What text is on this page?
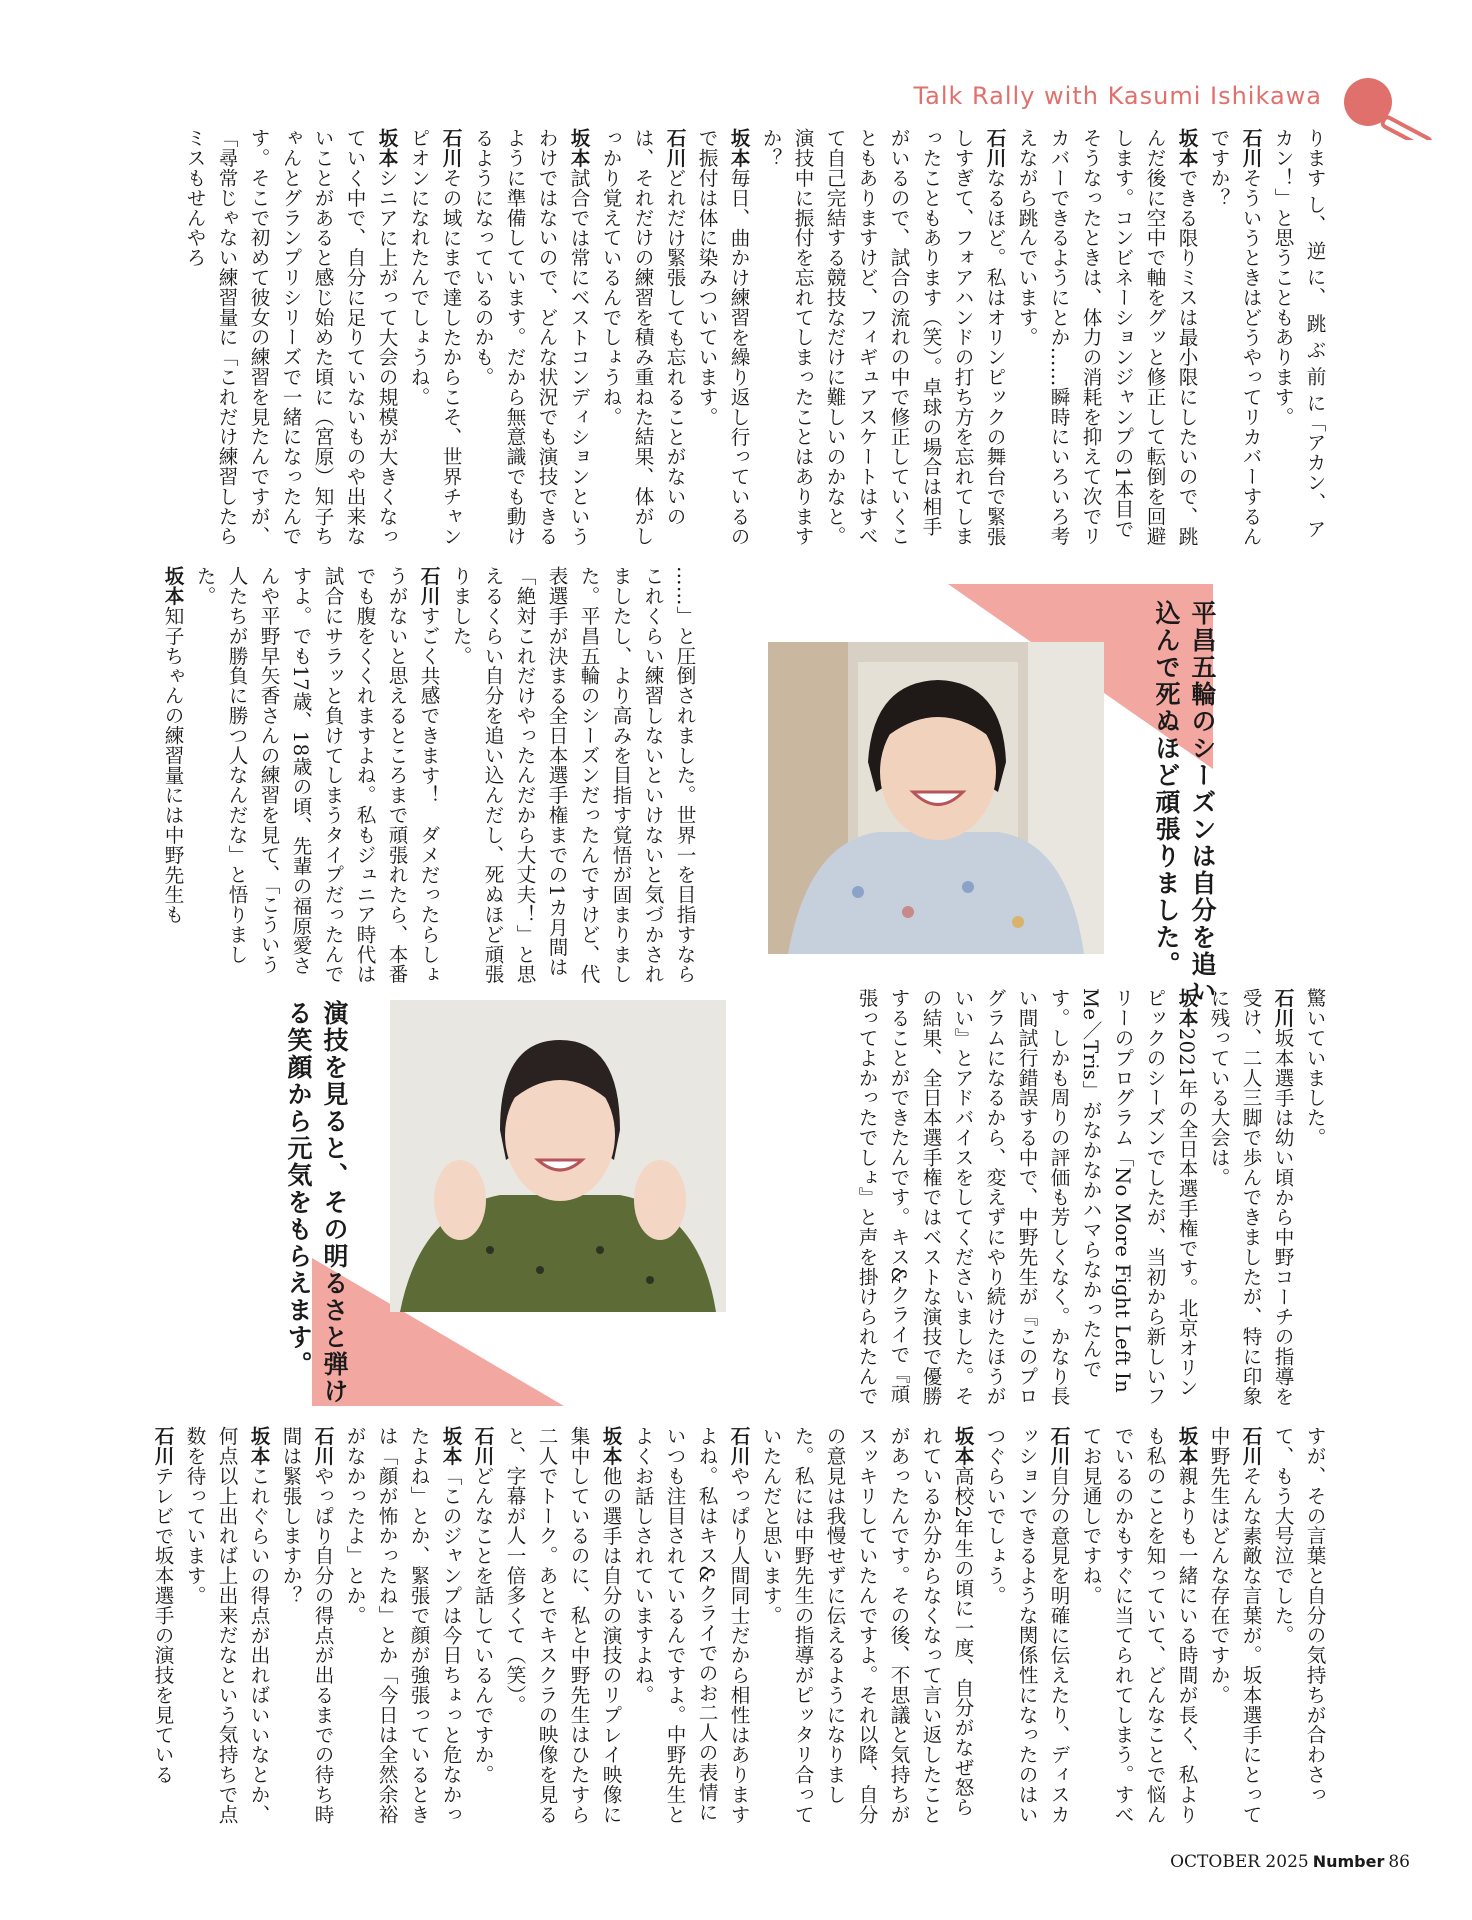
Talk Rally with Kasumi Ishikawa
平昌五輪のシーズンは自分を追い込んで死ぬほど頑張りました。
演技を見ると、その明るさと弾ける笑顔から元気をもらえます。

ります し、 逆 に、 跳 ぶ 前 に「アカン、 アカン！」と思うこともあります。

石川そういうときはどうやってリカバーするんですか？

坂本できる限りミスは最小限にしたいので、跳んだ後に空中で軸をグッと修正して転倒を回避します。コンビネーションジャンプの1本目でそうなったときは、体力の消耗を抑えて次でリカバーできるようにとか……瞬時にいろいろ考えながら跳んでいます。

石川なるほど。私はオリンピックの舞台で緊張しすぎて、フォアハンドの打ち方を忘れてしまったこともあります（笑）。卓球の場合は相手がいるので、試合の流れの中で修正していくこともありますけど、フィギュアスケートはすべて自己完結する競技なだけに難しいのかなと。演技中に振付を忘れてしまったことはありますか？

坂本毎日、曲かけ練習を繰り返し行っているので振付は体に染みついています。

石川どれだけ緊張しても忘れることがないのは、それだけの練習を積み重ねた結果、体がしっかり覚えているんでしょうね。

坂本試合では常にベストコンディションというわけではないので、どんな状況でも演技できるように準備しています。だから無意識でも動けるようになっているのかも。

石川その域にまで達したからこそ、世界チャンピオンになれたんでしょうね。

坂本シニアに上がって大会の規模が大きくなっていく中で、自分に足りていないものや出来ないことがあると感じ始めた頃に（宮原）知子ちゃんとグランプリシリーズで一緒になったんです。そこで初めて彼女の練習を見たんですが、「尋常じゃない練習量に「これだけ練習したらミスもせんやろ

……」と圧倒されました。世界一を目指すならこれくらい練習しないといけないと気づかされましたし、より高みを目指す覚悟が固まりました。平昌五輪のシーズンだったんですけど、代表選手が決まる全日本選手権までの1カ月間は「絶対これだけやったんだから大丈夫！」と思えるくらい自分を追い込んだし、死ぬほど頑張りました。

石川すごく共感できます！　ダメだったらしょうがないと思えるところまで頑張れたら、本番でも腹をくくれますよね。私もジュニア時代は試合にサラッと負けてしまうタイプだったんですよ。でも17歳、18歳の頃、先輩の福原愛さんや平野早矢香さんの練習を見て、「こういう人たちが勝負に勝つ人なんだな」と悟りました。

坂本知子ちゃんの練習量には中野先生も

驚いていました。

石川坂本選手は幼い頃から中野コーチの指導を受け、二人三脚で歩んできましたが、特に印象に残っている大会は。

坂本2021年の全日本選手権です。北京オリンピックのシーズンでしたが、当初から新しいフリーのプログラム「No More Fight Left In Me／Tris」がなかなかハマらなかったんです。しかも周りの評価も芳しくなく。かなり長い間試行錯誤する中で、中野先生が『このプログラムになるから、変えずにやり続けたほうがいい』とアドバイスをしてくださいました。その結果、全日本選手権ではベストな演技で優勝することができたんです。キス&クライで『頑張ってよかったでしょ』と声を掛けられたんで

すが、その言葉と自分の気持ちが合わさって、もう大号泣でした。

石川そんな素敵な言葉が。坂本選手にとって中野先生はどんな存在ですか。

坂本親よりも一緒にいる時間が長く、私よりも私のことを知っていて、どんなことで悩んでいるのかもすぐに当てられてしまう。すべてお見通しですね。

石川自分の意見を明確に伝えたり、ディスカッションできるような関係性になったのはいつぐらいでしょう。

坂本高校2年生の頃に一度、自分がなぜ怒られているか分からなくなって言い返したことがあったんです。その後、不思議と気持ちがスッキリしていたんですよ。それ以降、自分の意見は我慢せずに伝えるようになりました。私には中野先生の指導がピッタリ合っていたんだと思います。

石川やっぱり人間同士だから相性はありますよね。私はキス&クライでのお二人の表情にいつも注目されているんですよ。中野先生とよくお話しされていますよね。

坂本他の選手は自分の演技のリプレイ映像に集中しているのに、私と中野先生はひたすら二人でトーク。あとでキスクラの映像を見ると、字幕が人一倍多くて（笑）。

石川どんなことを話しているんですか。

坂本「このジャンプは今日ちょっと危なかったよね」とか、緊張で顔が強張っているときは「顔が怖かったね」とか「今日は全然余裕がなかったよ」とか。

石川やっぱり自分の得点が出るまでの待ち時間は緊張しますか？

坂本これぐらいの得点が出ればいいなとか、何点以上出れば上出来だなという気持ちで点数を待っています。

石川テレビで坂本選手の演技を見ている

OCTOBER 2025 Number 86
